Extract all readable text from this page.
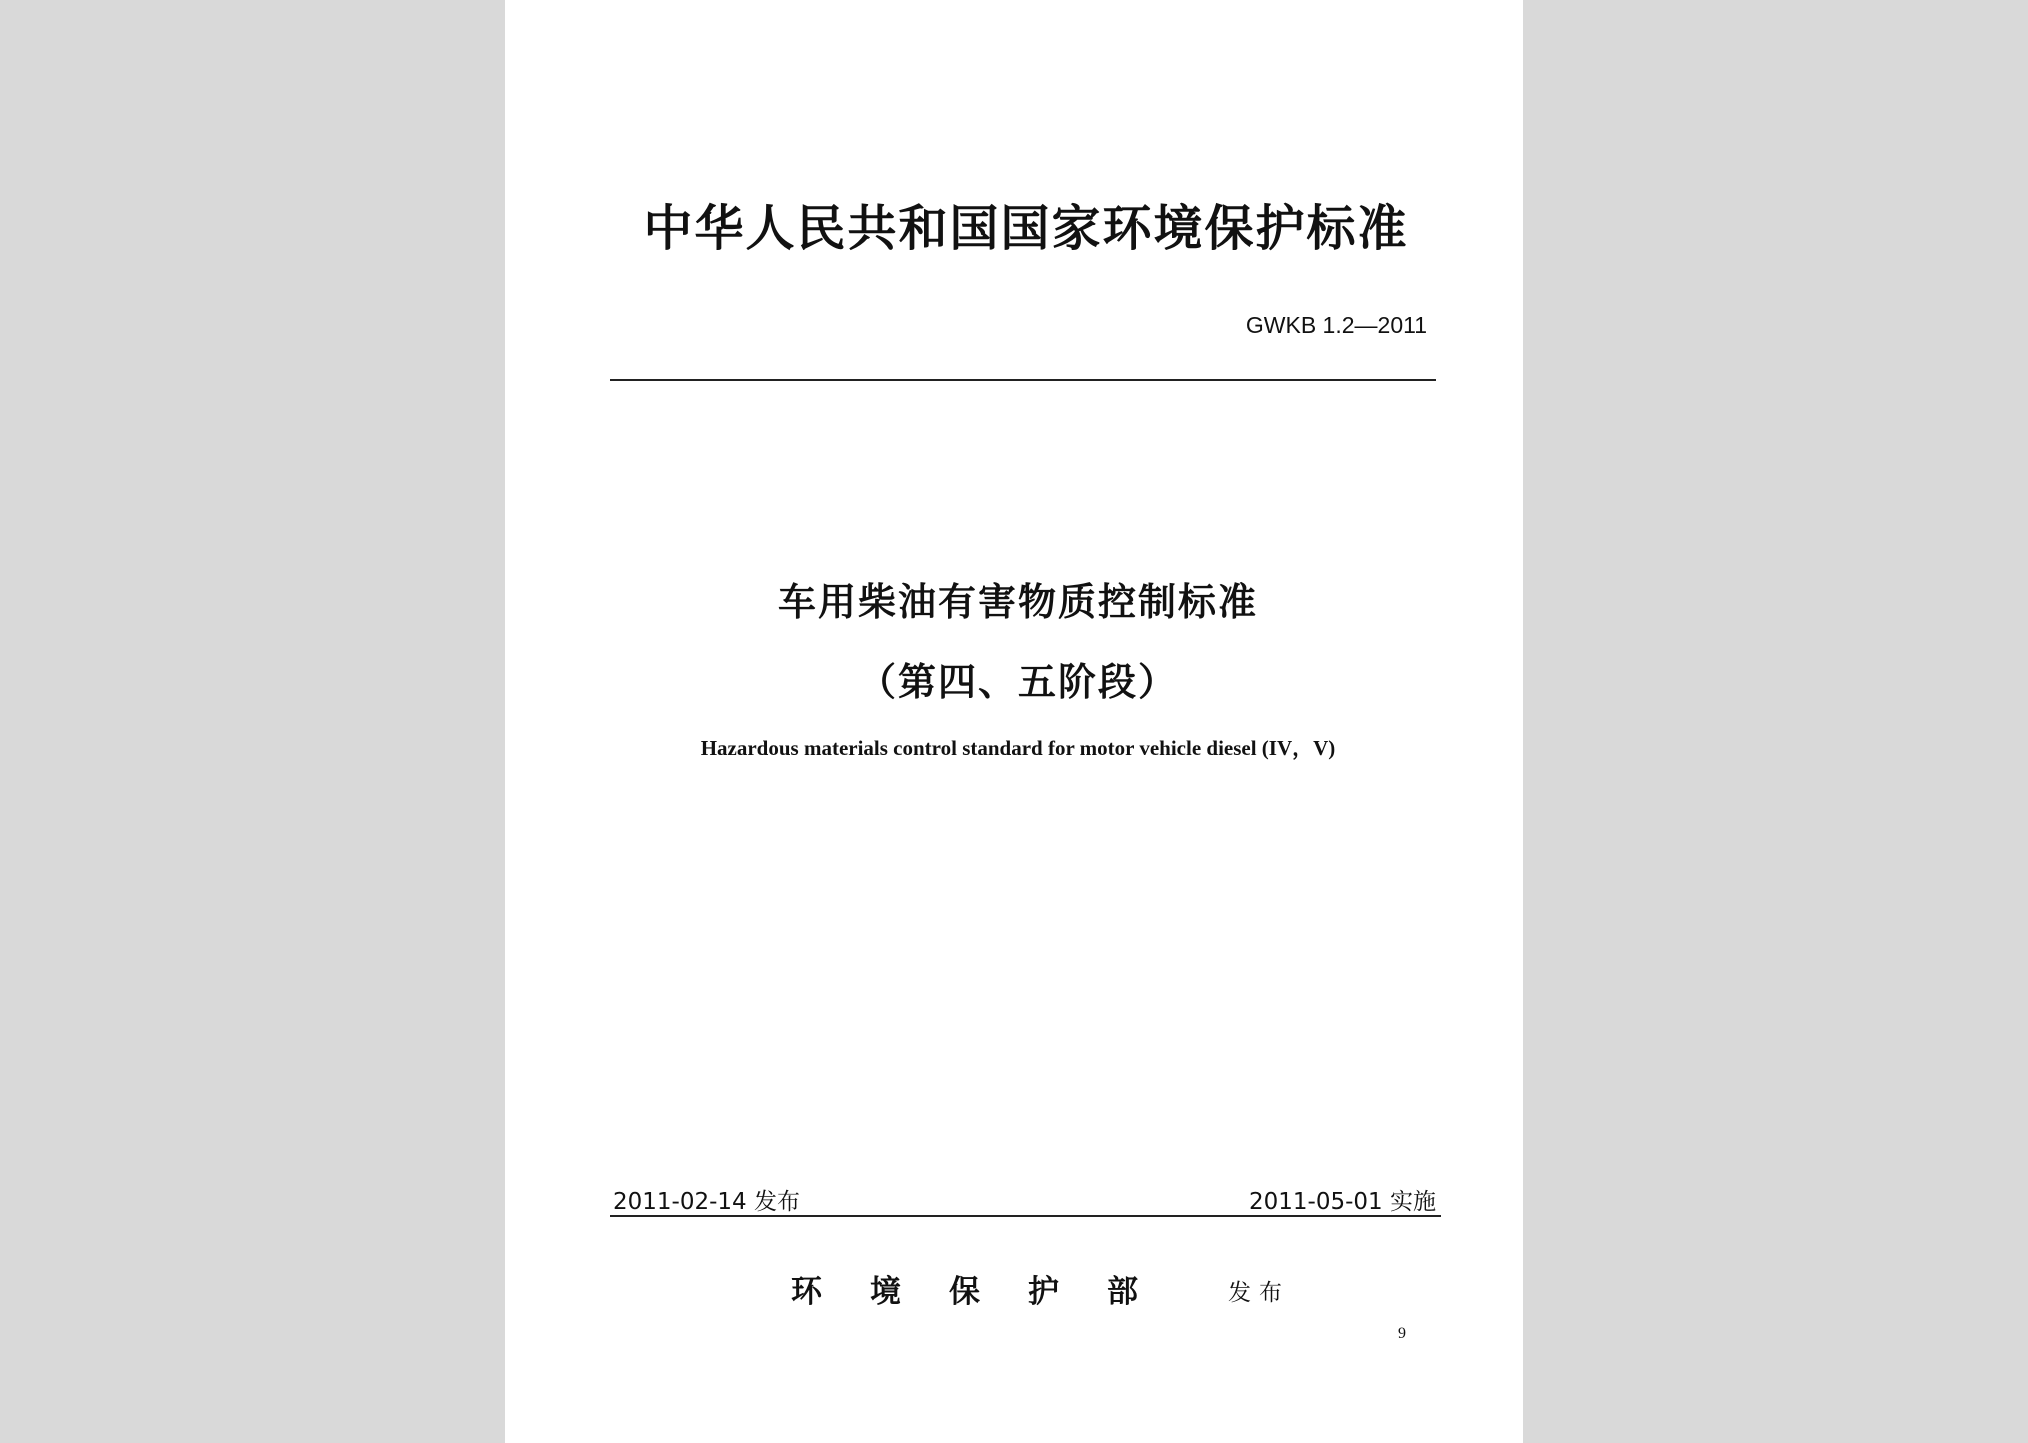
中华人民共和国国家环境保护标准
GWKB 1.2—2011
车用柴油有害物质控制标准
（第四、五阶段）
Hazardous materials control standard for motor vehicle diesel (IV，V)
2011-02-14 发布	2011-05-01 实施
环境保护部 发布
9
